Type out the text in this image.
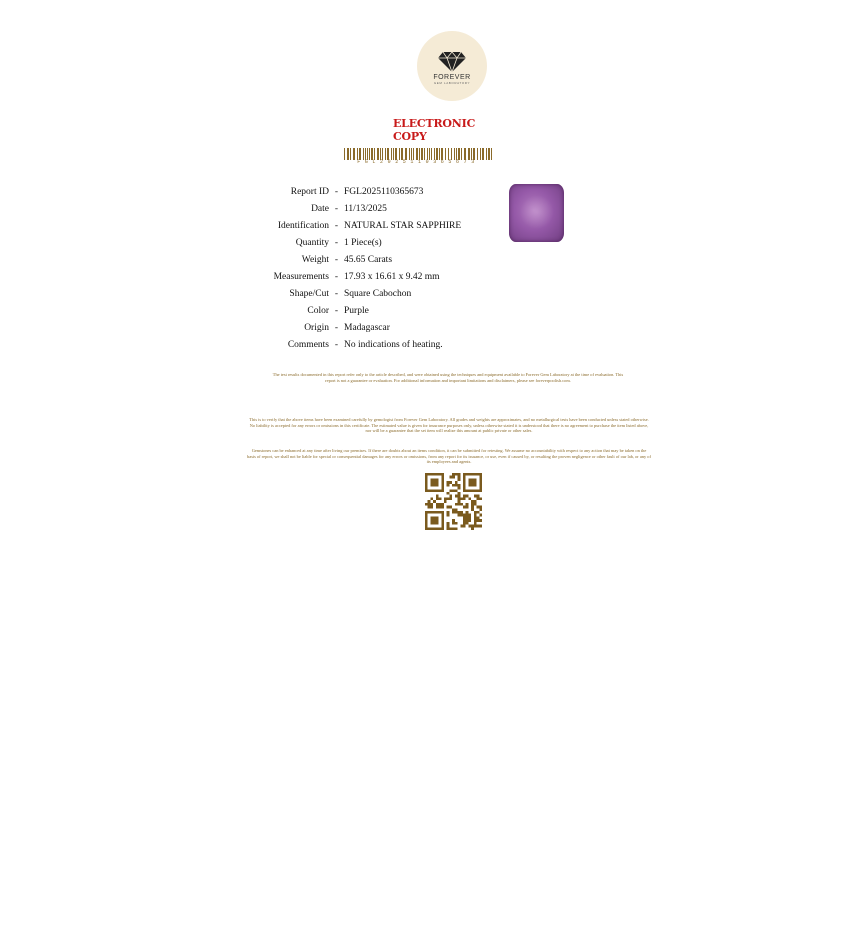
FOREVER
GEM LABORATORY
ELECTRONIC COPY
FGL2025110365673
Report ID - FGL2025110365673
Date - 11/13/2025
Identification - NATURAL STAR SAPPHIRE
Quantity - 1 Piece(s)
Weight - 45.65 Carats
Measurements - 17.93 x 16.61 x 9.42 mm
Shape/Cut - Square Cabochon
Color - Purple
Origin - Madagascar
Comments - No indications of heating.
The test results documented in this report refer only to the article described, and were obtained using the techniques and equipment available to Forever Gem Laboratory at the time of evaluation. This report is not a guarantee or evaluation. For additional information and important limitations and disclaimers, please see foreverpoolish.com.
This is to verify that the above items have been examined carefully by gemologist from Forever Gem Laboratory. All grades and weights are approximates, and no metallurgical tests have been conducted unless stated otherwise. No liability is accepted for any errors or omissions in this certificate. The estimated value is given for insurance purposes only, unless otherwise stated it is understood that there is no agreement to purchase the item listed above, nor will be a guarantee that the set item will realize this amount at public private or other sales.
Gemstones can be enhanced at any time after living our premises. If there are doubts about an items condition, it can be submitted for retesting. We assume no accountability with respect to any action that may be taken on the basis of report, we shall not be liable for special or consequential damages for any errors or omissions, from any report for its issuance, or use, even if caused by, or resulting the proven negligence or other fault of our lab, or any of its employees and agents.
